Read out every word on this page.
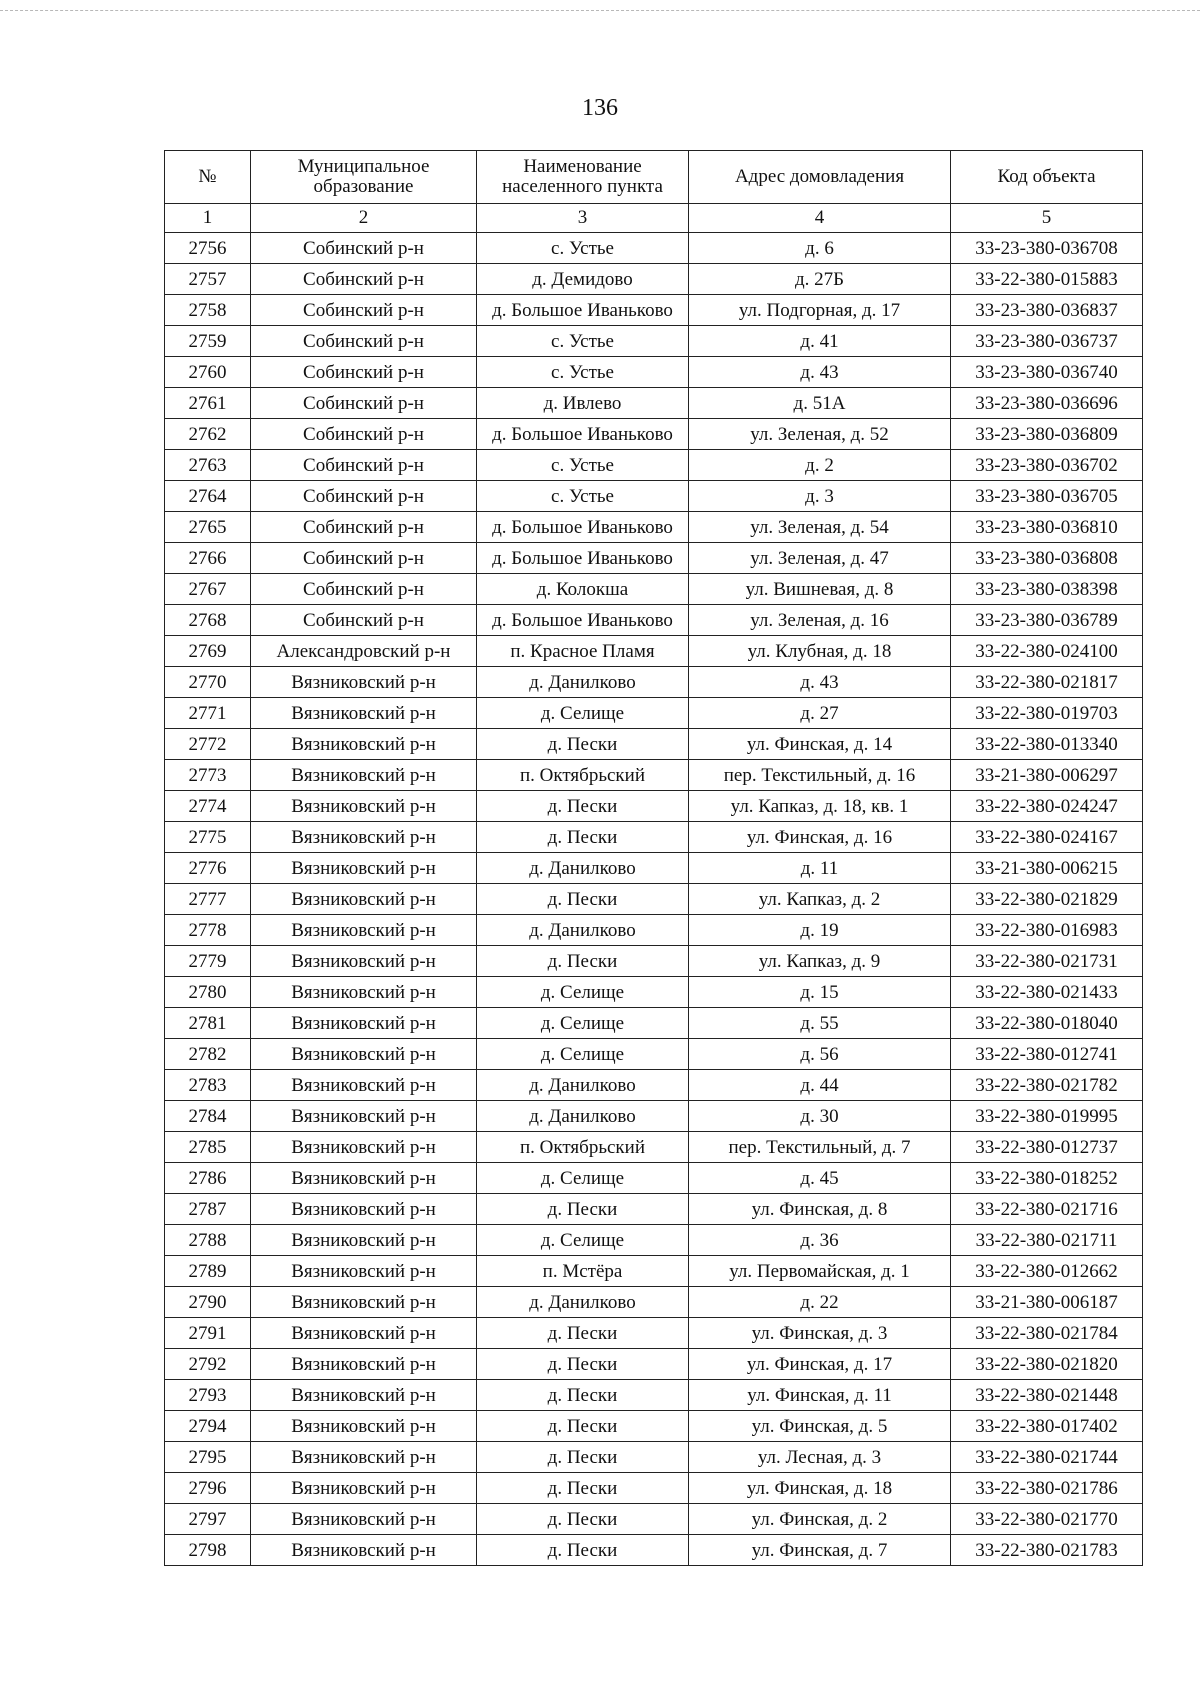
136
№	Муниципальное образование	Наименование населенного пункта	Адрес домовладения	Код объекта
1	2	3	4	5
2756	Собинский р-н	с. Устье	д. 6	33-23-380-036708
2757	Собинский р-н	д. Демидово	д. 27Б	33-22-380-015883
2758	Собинский р-н	д. Большое Иваньково	ул. Подгорная, д. 17	33-23-380-036837
2759	Собинский р-н	с. Устье	д. 41	33-23-380-036737
2760	Собинский р-н	с. Устье	д. 43	33-23-380-036740
2761	Собинский р-н	д. Ивлево	д. 51А	33-23-380-036696
2762	Собинский р-н	д. Большое Иваньково	ул. Зеленая, д. 52	33-23-380-036809
2763	Собинский р-н	с. Устье	д. 2	33-23-380-036702
2764	Собинский р-н	с. Устье	д. 3	33-23-380-036705
2765	Собинский р-н	д. Большое Иваньково	ул. Зеленая, д. 54	33-23-380-036810
2766	Собинский р-н	д. Большое Иваньково	ул. Зеленая, д. 47	33-23-380-036808
2767	Собинский р-н	д. Колокша	ул. Вишневая, д. 8	33-23-380-038398
2768	Собинский р-н	д. Большое Иваньково	ул. Зеленая, д. 16	33-23-380-036789
2769	Александровский р-н	п. Красное Пламя	ул. Клубная, д. 18	33-22-380-024100
2770	Вязниковский р-н	д. Данилково	д. 43	33-22-380-021817
2771	Вязниковский р-н	д. Селище	д. 27	33-22-380-019703
2772	Вязниковский р-н	д. Пески	ул. Финская, д. 14	33-22-380-013340
2773	Вязниковский р-н	п. Октябрьский	пер. Текстильный, д. 16	33-21-380-006297
2774	Вязниковский р-н	д. Пески	ул. Капказ, д. 18, кв. 1	33-22-380-024247
2775	Вязниковский р-н	д. Пески	ул. Финская, д. 16	33-22-380-024167
2776	Вязниковский р-н	д. Данилково	д. 11	33-21-380-006215
2777	Вязниковский р-н	д. Пески	ул. Капказ, д. 2	33-22-380-021829
2778	Вязниковский р-н	д. Данилково	д. 19	33-22-380-016983
2779	Вязниковский р-н	д. Пески	ул. Капказ, д. 9	33-22-380-021731
2780	Вязниковский р-н	д. Селище	д. 15	33-22-380-021433
2781	Вязниковский р-н	д. Селище	д. 55	33-22-380-018040
2782	Вязниковский р-н	д. Селище	д. 56	33-22-380-012741
2783	Вязниковский р-н	д. Данилково	д. 44	33-22-380-021782
2784	Вязниковский р-н	д. Данилково	д. 30	33-22-380-019995
2785	Вязниковский р-н	п. Октябрьский	пер. Текстильный, д. 7	33-22-380-012737
2786	Вязниковский р-н	д. Селище	д. 45	33-22-380-018252
2787	Вязниковский р-н	д. Пески	ул. Финская, д. 8	33-22-380-021716
2788	Вязниковский р-н	д. Селище	д. 36	33-22-380-021711
2789	Вязниковский р-н	п. Мстёра	ул. Первомайская, д. 1	33-22-380-012662
2790	Вязниковский р-н	д. Данилково	д. 22	33-21-380-006187
2791	Вязниковский р-н	д. Пески	ул. Финская, д. 3	33-22-380-021784
2792	Вязниковский р-н	д. Пески	ул. Финская, д. 17	33-22-380-021820
2793	Вязниковский р-н	д. Пески	ул. Финская, д. 11	33-22-380-021448
2794	Вязниковский р-н	д. Пески	ул. Финская, д. 5	33-22-380-017402
2795	Вязниковский р-н	д. Пески	ул. Лесная, д. 3	33-22-380-021744
2796	Вязниковский р-н	д. Пески	ул. Финская, д. 18	33-22-380-021786
2797	Вязниковский р-н	д. Пески	ул. Финская, д. 2	33-22-380-021770
2798	Вязниковский р-н	д. Пески	ул. Финская, д. 7	33-22-380-021783
